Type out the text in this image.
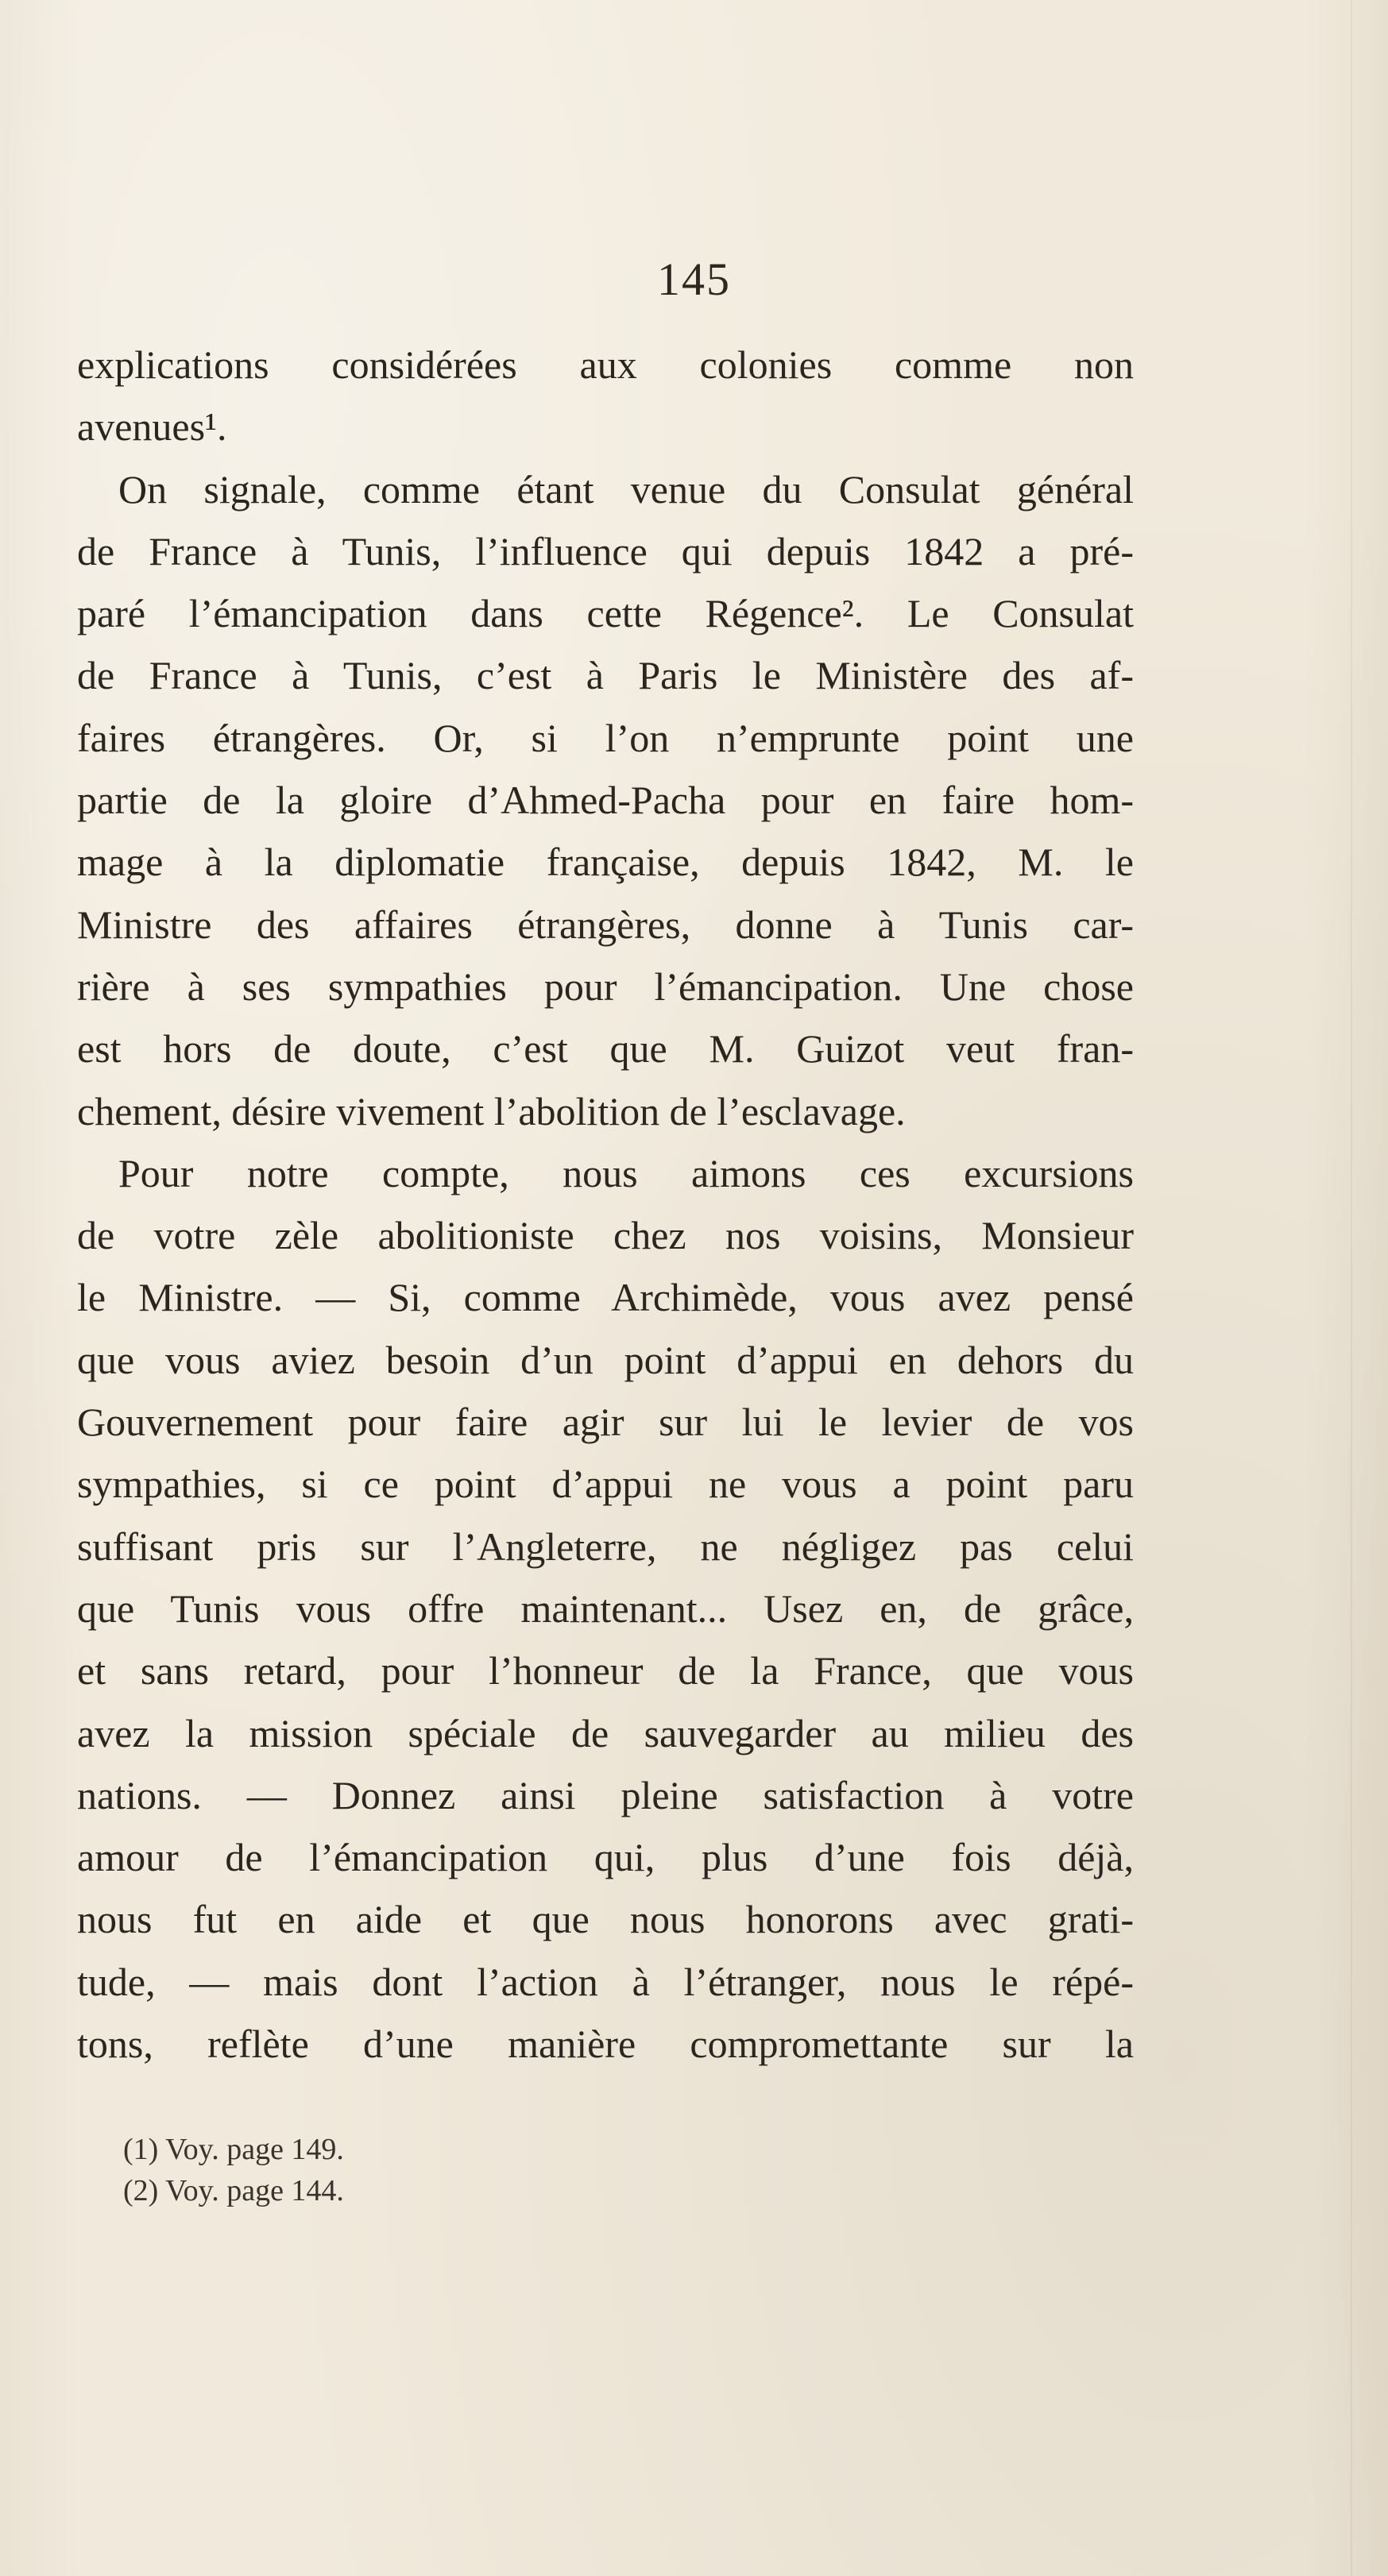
145
explications considérées aux colonies comme non
avenues¹.
On signale, comme étant venue du Consulat général
de France à Tunis, l’influence qui depuis 1842 a pré-
paré l’émancipation dans cette Régence². Le Consulat
de France à Tunis, c’est à Paris le Ministère des af-
faires étrangères. Or, si l’on n’emprunte point une
partie de la gloire d’Ahmed-Pacha pour en faire hom-
mage à la diplomatie française, depuis 1842, M. le
Ministre des affaires étrangères, donne à Tunis car-
rière à ses sympathies pour l’émancipation. Une chose
est hors de doute, c’est que M. Guizot veut fran-
chement, désire vivement l’abolition de l’esclavage.
Pour notre compte, nous aimons ces excursions
de votre zèle abolitioniste chez nos voisins, Monsieur
le Ministre. — Si, comme Archimède, vous avez pensé
que vous aviez besoin d’un point d’appui en dehors du
Gouvernement pour faire agir sur lui le levier de vos
sympathies, si ce point d’appui ne vous a point paru
suffisant pris sur l’Angleterre, ne négligez pas celui
que Tunis vous offre maintenant... Usez en, de grâce,
et sans retard, pour l’honneur de la France, que vous
avez la mission spéciale de sauvegarder au milieu des
nations. — Donnez ainsi pleine satisfaction à votre
amour de l’émancipation qui, plus d’une fois déjà,
nous fut en aide et que nous honorons avec grati-
tude, — mais dont l’action à l’étranger, nous le répé-
tons, reflète d’une manière compromettante sur la
(1) Voy. page 149.
(2) Voy. page 144.
